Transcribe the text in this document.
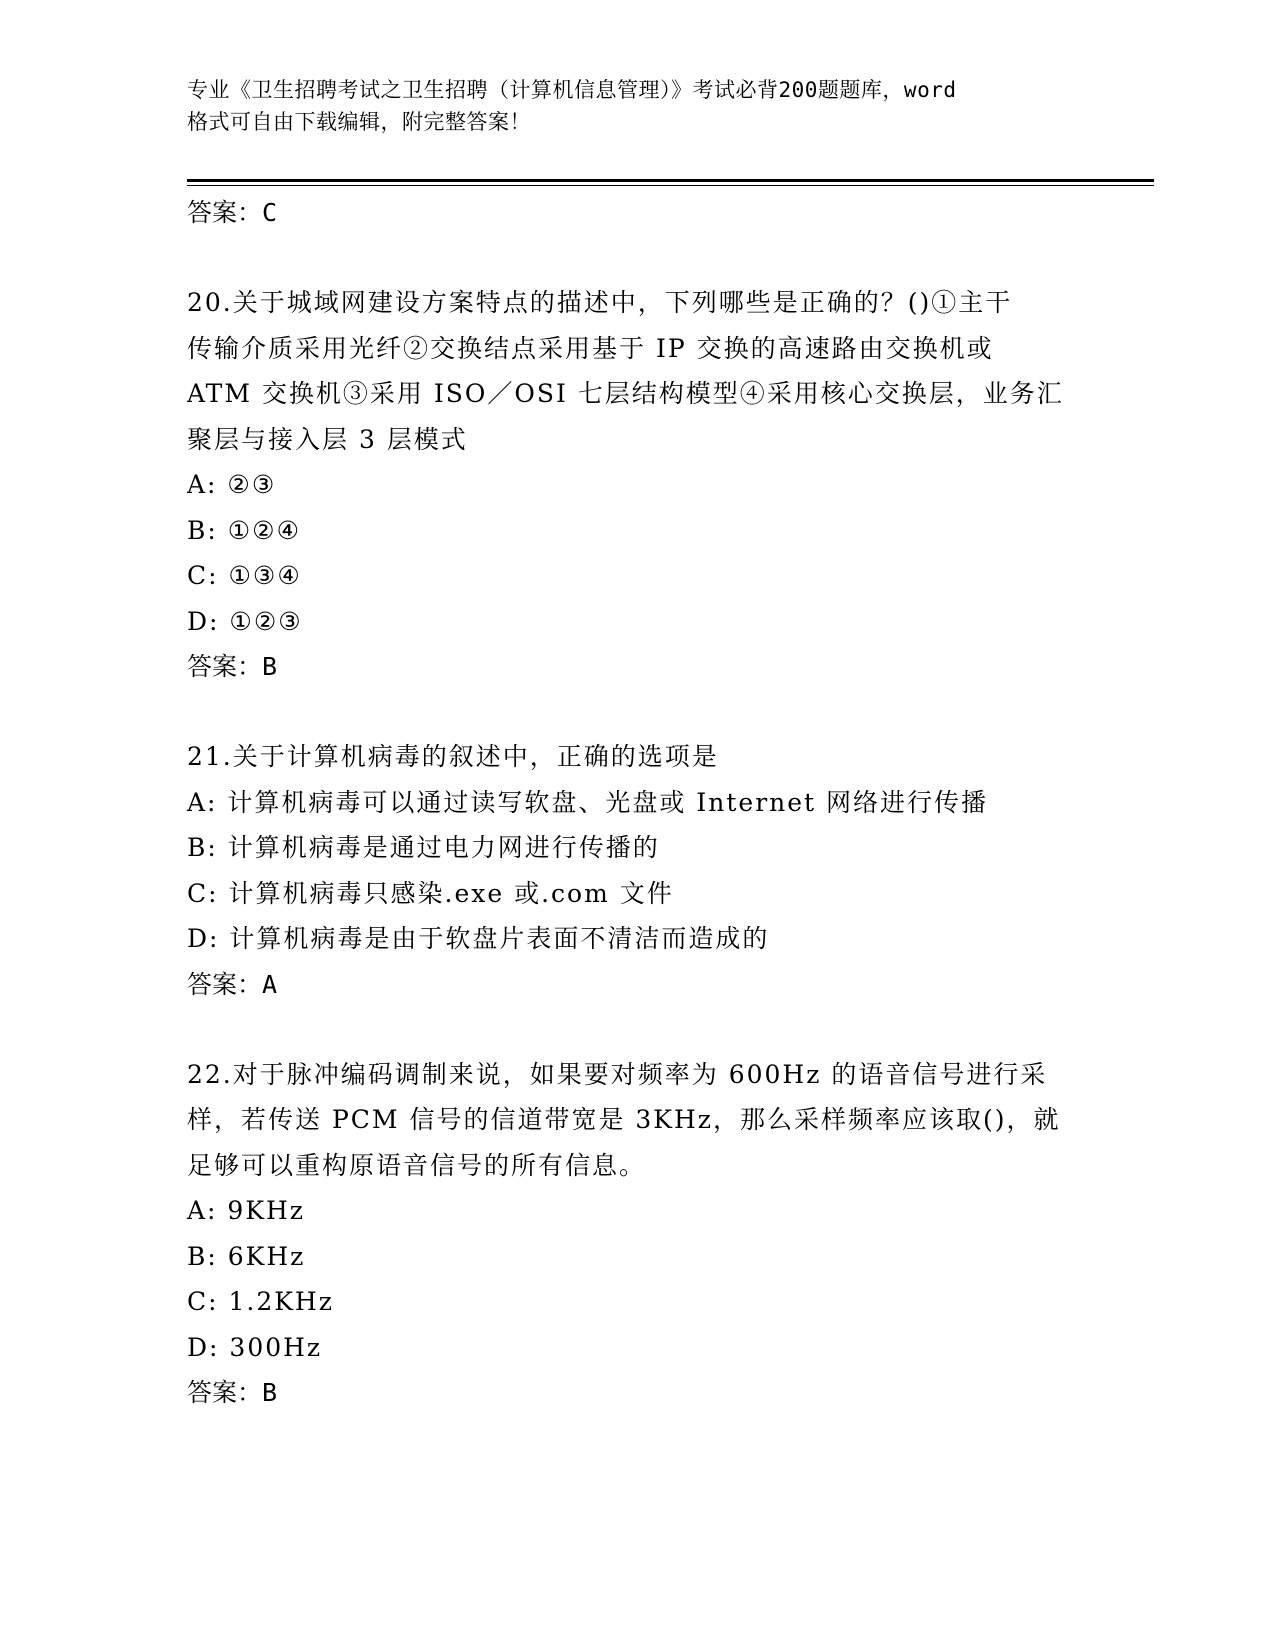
专业《卫生招聘考试之卫生招聘（计算机信息管理）》考试必背200题题库，word
格式可自由下载编辑，附完整答案！
答案：C
20.关于城域网建设方案特点的描述中，下列哪些是正确的？()①主干
传输介质采用光纤②交换结点采用基于 IP 交换的高速路由交换机或
ATM 交换机③采用 ISO／OSI 七层结构模型④采用核心交换层，业务汇
聚层与接入层 3 层模式
A: ②③
B: ①②④
C: ①③④
D: ①②③
答案：B
21.关于计算机病毒的叙述中，正确的选项是
A: 计算机病毒可以通过读写软盘、光盘或 Internet 网络进行传播
B: 计算机病毒是通过电力网进行传播的
C: 计算机病毒只感染.exe 或.com 文件
D: 计算机病毒是由于软盘片表面不清洁而造成的
答案：A
22.对于脉冲编码调制来说，如果要对频率为 600Hz 的语音信号进行采
样，若传送 PCM 信号的信道带宽是 3KHz，那么采样频率应该取()，就
足够可以重构原语音信号的所有信息。
A: 9KHz
B: 6KHz
C: 1.2KHz
D: 300Hz
答案：B
